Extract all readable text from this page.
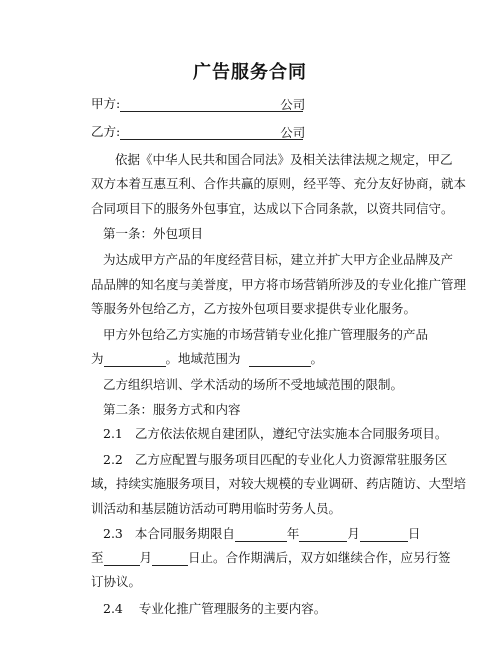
广告服务合同
甲方:	公司
乙方:	公司
依据《中华人民共和国合同法》及相关法律法规之规定，甲乙
双方本着互惠互利、合作共赢的原则，经平等、充分友好协商，就本
合同项目下的服务外包事宜，达成以下合同条款，以资共同信守。
第一条：外包项目
为达成甲方产品的年度经营目标，建立并扩大甲方企业品牌及产
品品牌的知名度与美誉度，甲方将市场营销所涉及的专业化推广管理
等服务外包给乙方，乙方按外包项目要求提供专业化服务。
甲方外包给乙方实施的市场营销专业化推广管理服务的产品
为	。地域范围为	。
乙方组织培训、学术活动的场所不受地域范围的限制。
第二条：服务方式和内容
2.1 乙方依法依规自建团队，遵纪守法实施本合同服务项目。
2.2 乙方应配置与服务项目匹配的专业化人力资源常驻服务区
域，持续实施服务项目，对较大规模的专业调研、药店随访、大型培
训活动和基层随访活动可聘用临时劳务人员。
2.3 本合同服务期限自	年	月	日
至	月	日止。合作期满后，双方如继续合作，应另行签
订协议。
2.4 专业化推广管理服务的主要内容。
